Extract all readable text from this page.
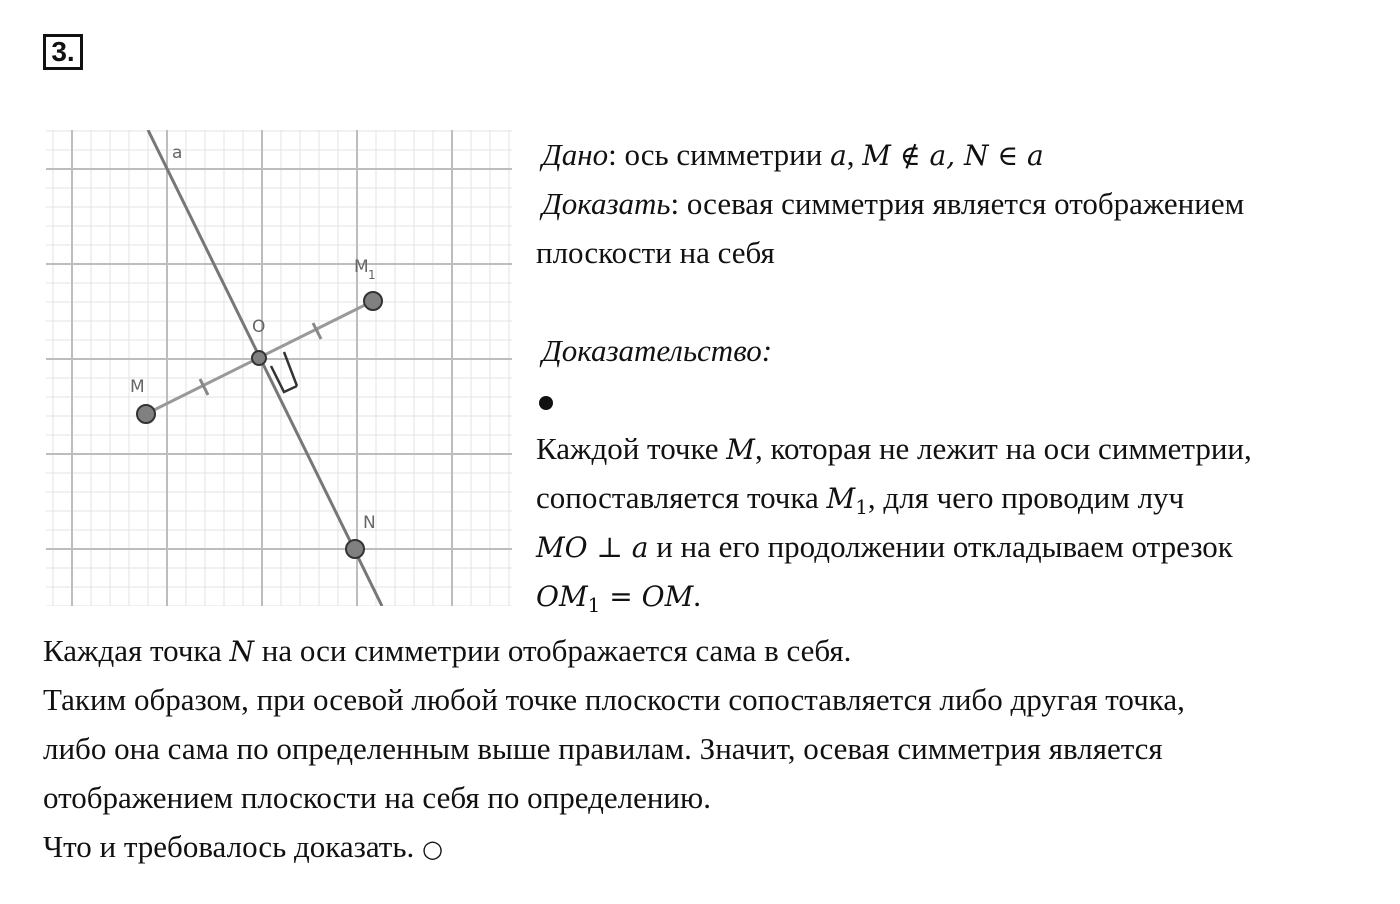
3.
a
O
M
M 1
N
Дано: ось симметрии a, M ∉ a, N ∈ a
Доказать: осевая симметрия является отображением
плоскости на себя
Доказательство:
Каждой точке M, которая не лежит на оси симметрии,
сопоставляется точка $M_1$, для чего проводим луч
MO ⊥ a и на его продолжении откладываем отрезок
$OM_1$ = OM.
Каждая точка N на оси симметрии отображается сама в себя.
Таким образом, при осевой любой точке плоскости сопоставляется либо другая точка,
либо она сама по определенным выше правилам. Значит, осевая симметрия является
отображением плоскости на себя по определению.
Что и требовалось доказать. ○
